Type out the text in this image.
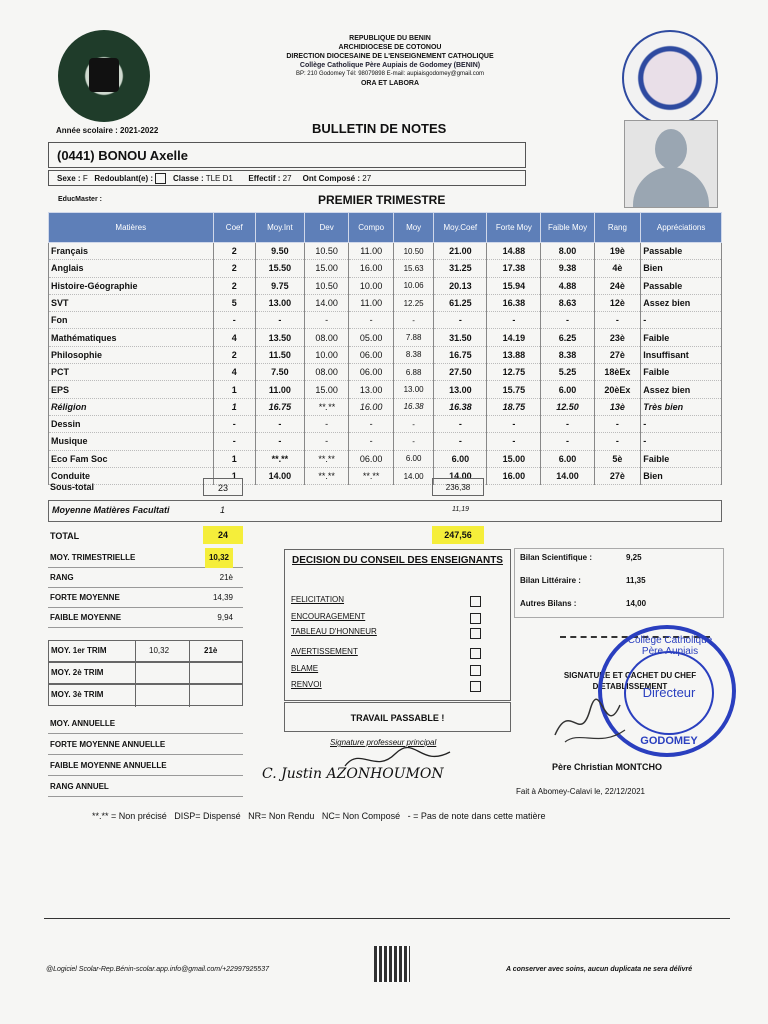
REPUBLIQUE DU BENIN
ARCHIDIOCESE DE COTONOU
DIRECTION DIOCESAINE DE L'ENSEIGNEMENT CATHOLIQUE
Collège Catholique Père Aupiais de Godomey (BENIN)
BP: 210 Godomey Tél: 98079898 E-mail: aupiaisgodomey@gmail.com
ORA ET LABORA
Année scolaire : 2021-2022	BULLETIN DE NOTES
(0441) BONOU Axelle
Sexe : F Redoublant(e) : Classe : TLE D1 Effectif : 27 Ont Composé : 27
EducMaster :	PREMIER TRIMESTRE
Matières	Coef	Moy.Int	Dev	Compo	Moy	Moy.Coef	Forte Moy	Faible Moy	Rang	Appréciations
Français	2	9.50	10.50	11.00	10.50	21.00	14.88	8.00	19è	Passable
Anglais	2	15.50	15.00	16.00	15.63	31.25	17.38	9.38	4è	Bien
Histoire-Géographie	2	9.75	10.50	10.00	10.06	20.13	15.94	4.88	24è	Passable
SVT	5	13.00	14.00	11.00	12.25	61.25	16.38	8.63	12è	Assez bien
Fon	-	-	-	-	-	-	-	-	-	-
Mathématiques	4	13.50	08.00	05.00	7.88	31.50	14.19	6.25	23è	Faible
Philosophie	2	11.50	10.00	06.00	8.38	16.75	13.88	8.38	27è	Insuffisant
PCT	4	7.50	08.00	06.00	6.88	27.50	12.75	5.25	18èEx	Faible
EPS	1	11.00	15.00	13.00	13.00	13.00	15.75	6.00	20èEx	Assez bien
Réligion	1	16.75	**.**	16.00	16.38	16.38	18.75	12.50	13è	Très bien
Dessin	-	-	-	-	-	-	-	-	-	-
Musique	-	-	-	-	-	-	-	-	-	-
Eco Fam Soc	1	**.**	**.**	06.00	6.00	6.00	15.00	6.00	5è	Faible
Conduite	1	14.00	**.**	**.**	14.00	14.00	16.00	14.00	27è	Bien
Sous-total	23	236,38
Moyenne Matières Facultati	1	11,19
TOTAL	24	247,56
MOY. TRIMESTRIELLE	10,32
RANG	21è
FORTE MOYENNE	14,39
FAIBLE MOYENNE	9,94
MOY. 1er TRIM	10,32	21è
MOY. 2è TRIM
MOY. 3è TRIM
MOY. ANNUELLE
FORTE MOYENNE ANNUELLE
FAIBLE MOYENNE ANNUELLE
RANG ANNUEL
DECISION DU CONSEIL DES ENSEIGNANTS
FELICITATION
ENCOURAGEMENT
TABLEAU D'HONNEUR
AVERTISSEMENT
BLAME
RENVOI
TRAVAIL PASSABLE !
Bilan Scientifique :	9,25
Bilan Littéraire :	11,35
Autres Bilans :	14,00
SIGNATURE ET CACHET DU CHEF D'ETABLISSEMENT
Collège Catholique Père Aupiais
Directeur
GODOMEY
Signature professeur principal
C. Justin AZONHOUMON	Père Christian MONTCHO
Fait à Abomey-Calavi le, 22/12/2021
**.** = Non précisé   DISP= Dispensé   NR= Non Rendu   NC= Non Composé   - = Pas de note dans cette matière
@Logiciel Scolar-Rep.Bénin-scolar.app.info@gmail.com/+22997925537	A conserver avec soins, aucun duplicata ne sera délivré
